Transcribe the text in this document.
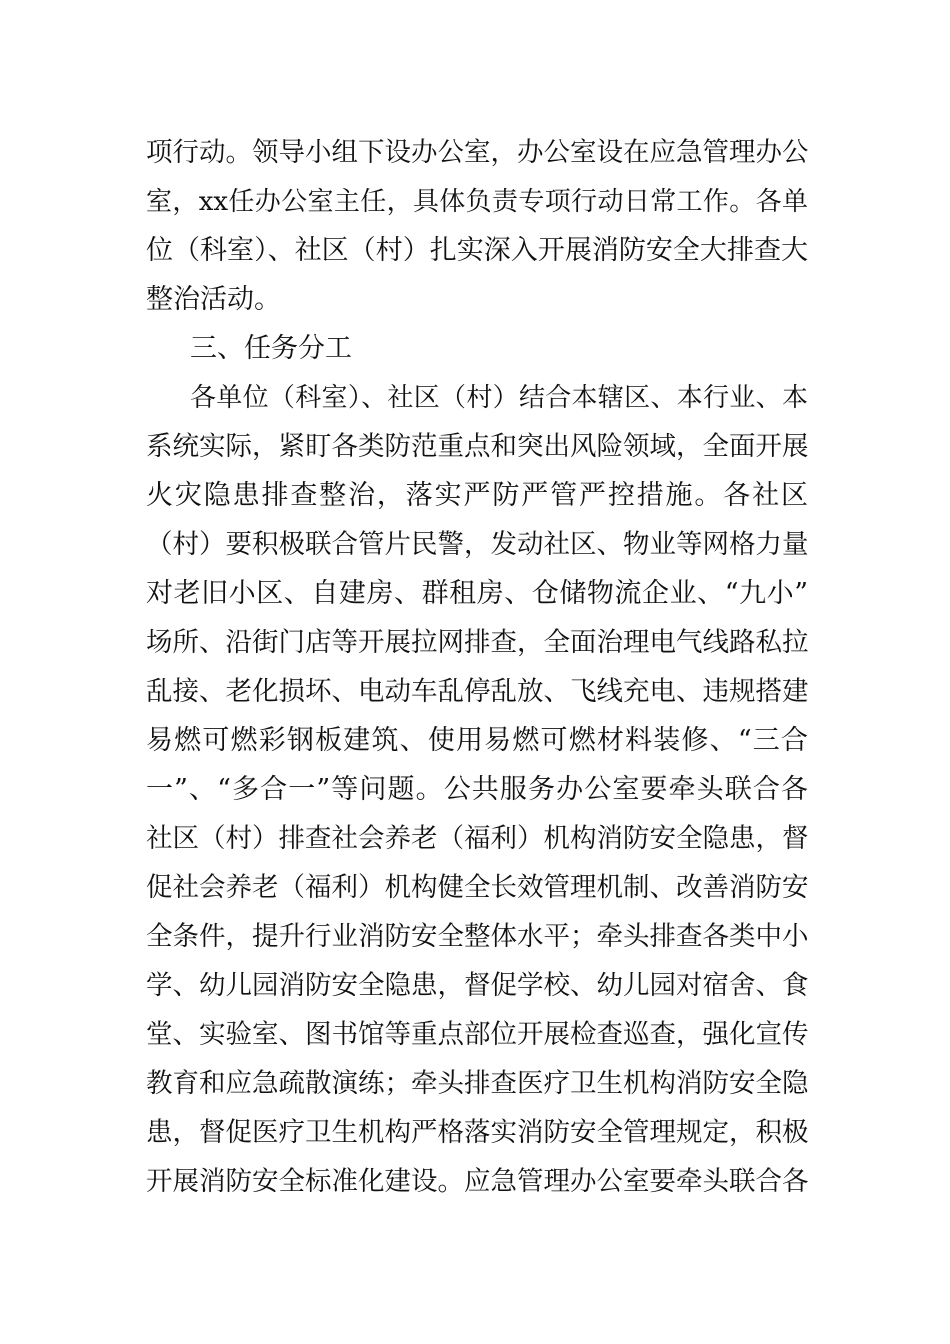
项行动。领导小组下设办公室，办公室设在应急管理办公
室，xx任办公室主任，具体负责专项行动日常工作。各单
位（科室）、社区（村）扎实深入开展消防安全大排查大
整治活动。
三、任务分工
各单位（科室）、社区（村）结合本辖区、本行业、本
系统实际，紧盯各类防范重点和突出风险领域，全面开展
火灾隐患排查整治，落实严防严管严控措施。各社区
（村）要积极联合管片民警，发动社区、物业等网格力量
对老旧小区、自建房、群租房、仓储物流企业、“九小”
场所、沿街门店等开展拉网排查，全面治理电气线路私拉
乱接、老化损坏、电动车乱停乱放、飞线充电、违规搭建
易燃可燃彩钢板建筑、使用易燃可燃材料装修、“三合
一”、“多合一”等问题。公共服务办公室要牵头联合各
社区（村）排查社会养老（福利）机构消防安全隐患，督
促社会养老（福利）机构健全长效管理机制、改善消防安
全条件，提升行业消防安全整体水平；牵头排查各类中小
学、幼儿园消防安全隐患，督促学校、幼儿园对宿舍、食
堂、实验室、图书馆等重点部位开展检查巡查，强化宣传
教育和应急疏散演练；牵头排查医疗卫生机构消防安全隐
患，督促医疗卫生机构严格落实消防安全管理规定，积极
开展消防安全标准化建设。应急管理办公室要牵头联合各
